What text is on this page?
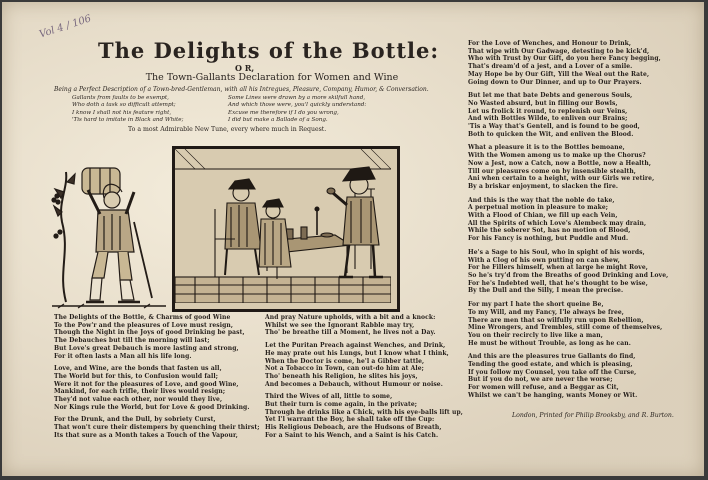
Vol 4 / 106
The Delights of the Bottle:
O R,
The Town-Gallants Declaration for Women and Wine
Being a Perfect Description of a Town-bred-Gentleman, with all his Intregues, Pleasure, Company, Humor, & Conversation.
Gallants from faults to be exempt,
Who doth a task so difficult attempt;
I know I shall not his feature right,
'Tis hard to imitate in Black and White;
Some Lines were drawn by a more skilfull hand,
And which those were, you'l quickly understand:
Excuse me therefore if I do you wrong,
I did but make a Ballade of a Song.
To a most Admirable New Tune, every where much in Request.
The Delights of the Bottle, & Charms of good Wine
To the Pow'r and the pleasures of Love must resign,
Though the Night in the Joys of good Drinking be past,
The Debauches but till the morning will last;
But Love's great Debauch is more lasting and strong,
For it often lasts a Man all his life long.
Love, and Wine, are the bonds that fasten us all,
The World but for this, to Confusion would fall;
Were it not for the pleasures of Love, and good Wine,
Mankind, for each trifle, their lives would resign;
They'd not value each other, nor would they live,
Nor Kings rule the World, but for Love & good Drinking.
For the Drunk, and the Dull, by sobriety Curst,
That won't cure their distempers by quenching their thirst;
Its that sure as a Month takes a Touch of the Vapour,
And pray Nature upholds, with a bit and a knock:
Whilst we see the Ignorant Rabble may try,
Tho' be breathe till a Moment, he lives not a Day.
Let the Puritan Preach against Wenches, and Drink,
He may prate out his Lungs, but I know what I think,
When the Doctor is come, he'l a Gibber tattle,
Not a Tobacco in Town, can out-do him at Ale;
Tho' beneath his Religion, he slites his joys,
And becomes a Debauch, without Humour or noise.
Third the Wives of all, little to some,
But their turn is come again, in the private;
Through he drinks like a Chick, with his eye-balls lift up,
Yet I'l warrant the Boy, he shall take off the Cup:
His Religious Deboach, are the Hudsons of Breath,
For a Saint to his Wench, and a Saint is his Catch.
For the Love of Wenches, and Honour to Drink,
That wipe with Our Gadwage, detesting to be kick'd,
Who with Trust by Our Gift, do you here Fancy begging,
That's dream'd of a jest, and a Lover of a smile.
May Hope be by Our Gift, Yill the Weal out the Rate,
Going down to Our Dinner, and up to Our Prayers.
But let me that bate Debts and generous Souls,
No Wasted absurd, but in filling our Bowls,
Let us frolick it round, to replenish our Veins,
And with Bottles Wilde, to enliven our Brains;
'Tis a Way that's Gentell, and is found to be good,
Both to quicken the Wit, and enliven the Blood.
What a pleasure it is to the Bottles bemoane,
With the Women among us to make up the Chorus?
Now a Jest, now a Catch, now a Bottle, now a Health,
Till our pleasures come on by insensible stealth,
Ani when certain to a height, with our Girls we retire,
By a briskar enjoyment, to slacken the fire.
And this is the way that the noble do take,
A perpetual motion in pleasure to make;
With a Flood of Chian, we fill up each Vein,
All the Spirits of which Love's Alembeck may drain,
While the soberer Sot, has no motion of Blood,
For his Fancy is nothing, but Puddle and Mud.
He's a Sage to his Soul, who in spight of his words,
With a Clog of his own putting on can shew,
For he Fillers himself, when at large he might Rove,
So he's try'd from the Breaths of good Drinking and Love,
For he's Indebted well, that he's thought to be wise,
By the Dull and the Silly, I mean the precise.
For my part I hate the short queine Be,
To my Will, and my Fancy, I'le always be free,
There are men that so wilfully run upon Rebellion,
Mine Wrongers, and Trembles, still come of themselves,
You on their recircly to live like a man,
He must be without Trouble, as long as he can.
And this are the pleasures true Gallants do find,
Tending the good estate, and which is pleasing,
If you follow my Counsel, you take off the Curse,
But if you do not, we are never the worse;
For women will refuse, and a Beggar as Cit,
Whilst we can't be hanging, wants Money or Wit.
London, Printed for Philip Brooksby, and R. Burton.
